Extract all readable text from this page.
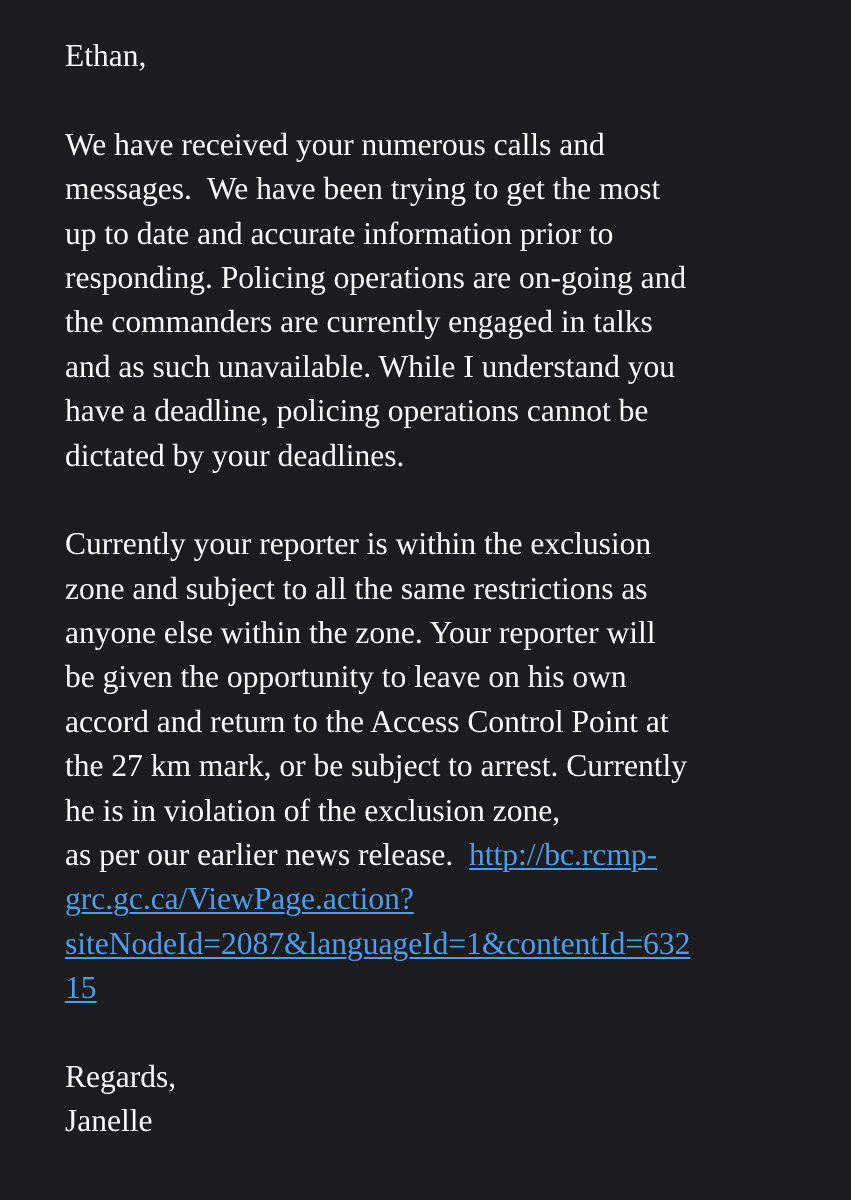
Ethan,
We have received your numerous calls and
messages.  We have been trying to get the most
up to date and accurate information prior to
responding. Policing operations are on-going and
the commanders are currently engaged in talks
and as such unavailable. While I understand you
have a deadline, policing operations cannot be
dictated by your deadlines.
Currently your reporter is within the exclusion
zone and subject to all the same restrictions as
anyone else within the zone. Your reporter will
be given the opportunity to leave on his own
accord and return to the Access Control Point at
the 27 km mark, or be subject to arrest. Currently
he is in violation of the exclusion zone,
as per our earlier news release.  http://bc.rcmp-
grc.gc.ca/ViewPage.action?
siteNodeId=2087&languageId=1&contentId=632
15
Regards,
Janelle
